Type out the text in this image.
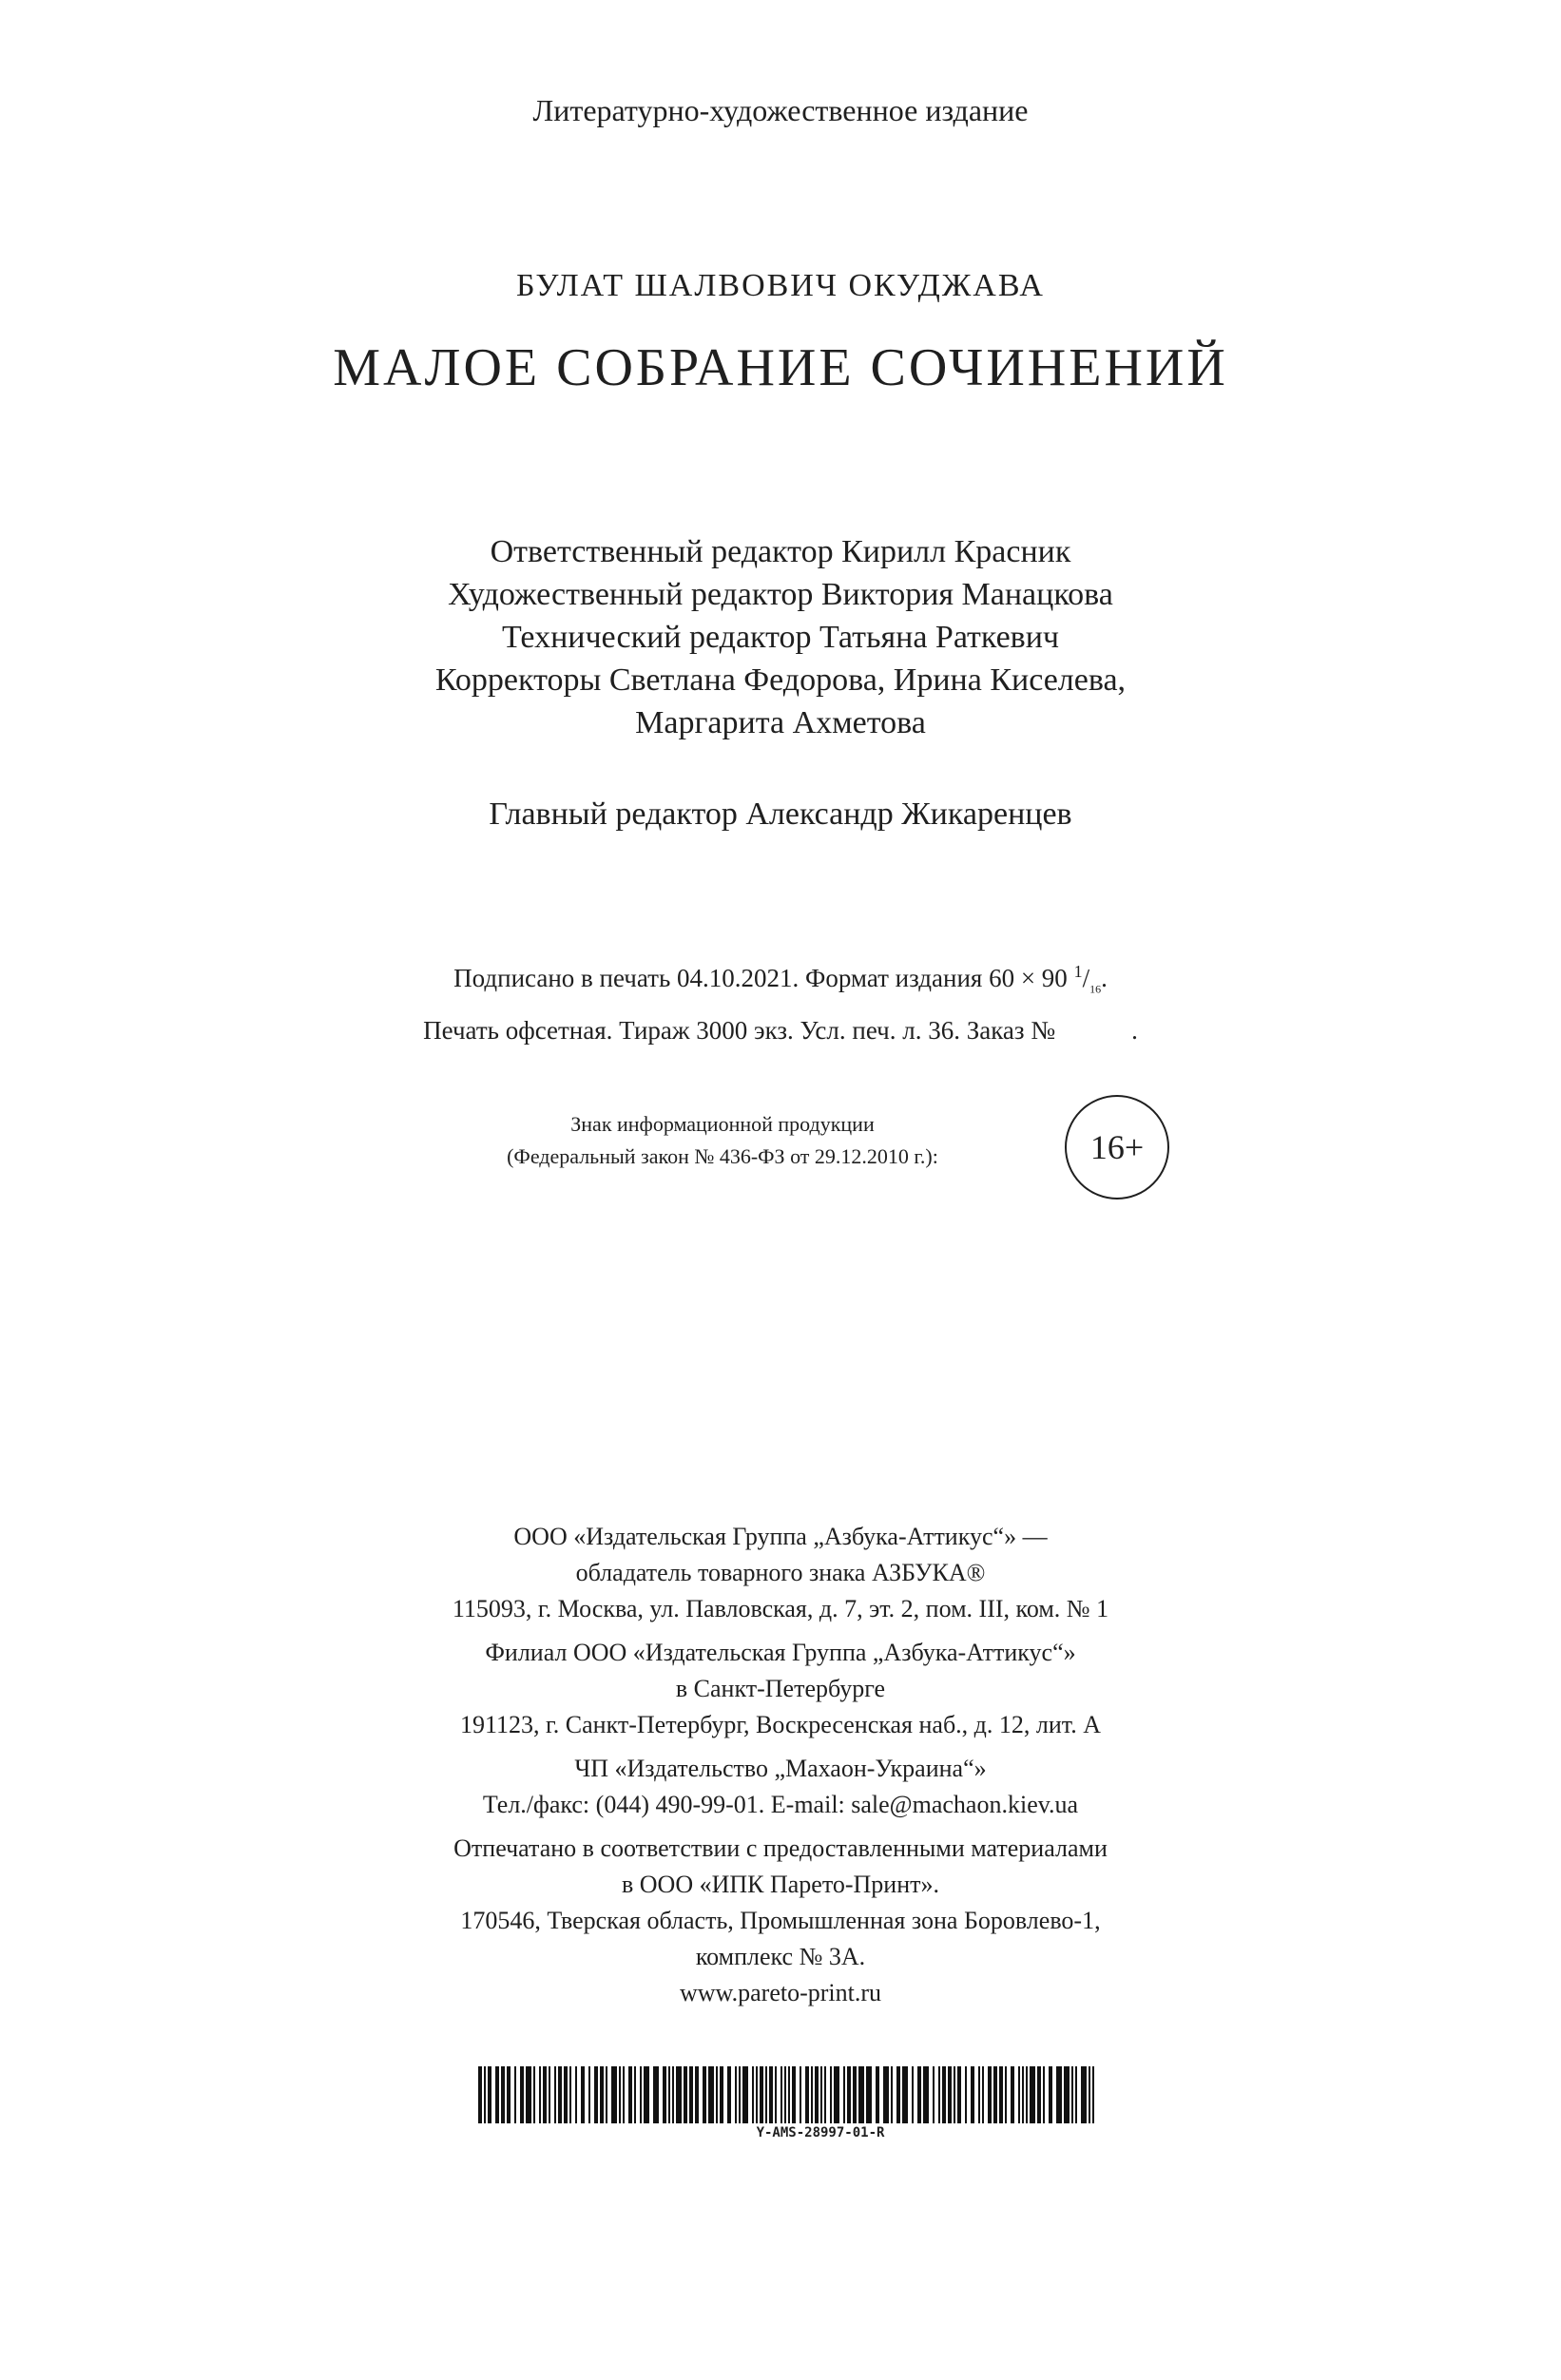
Литературно-художественное издание
БУЛАТ ШАЛВОВИЧ ОКУДЖАВА
МАЛОЕ СОБРАНИЕ СОЧИНЕНИЙ
Ответственный редактор Кирилл Красник
Художественный редактор Виктория Манацкова
Технический редактор Татьяна Раткевич
Корректоры Светлана Федорова, Ирина Киселева,
Маргарита Ахметова
Главный редактор Александр Жикаренцев
Подписано в печать 04.10.2021. Формат издания 60 × 90 $^1/_{16}$.
Печать офсетная. Тираж 3000 экз. Усл. печ. л. 36. Заказ №	.
Знак информационной продукции
(Федеральный закон № 436-ФЗ от 29.12.2010 г.):	16+
ООО «Издательская Группа „Азбука-Аттикус“» —
обладатель товарного знака АЗБУКА®
115093, г. Москва, ул. Павловская, д. 7, эт. 2, пом. III, ком. № 1
Филиал ООО «Издательская Группа „Азбука-Аттикус“»
в Санкт-Петербурге
191123, г. Санкт-Петербург, Воскресенская наб., д. 12, лит. А
ЧП «Издательство „Махаон-Украина“»
Тел./факс: (044) 490-99-01. E-mail: sale@machaon.kiev.ua
Отпечатано в соответствии с предоставленными материалами
в ООО «ИПК Парето-Принт».
170546, Тверская область, Промышленная зона Боровлево-1,
комплекс № 3А.
www.pareto-print.ru
Y-AMS-28997-01-R
